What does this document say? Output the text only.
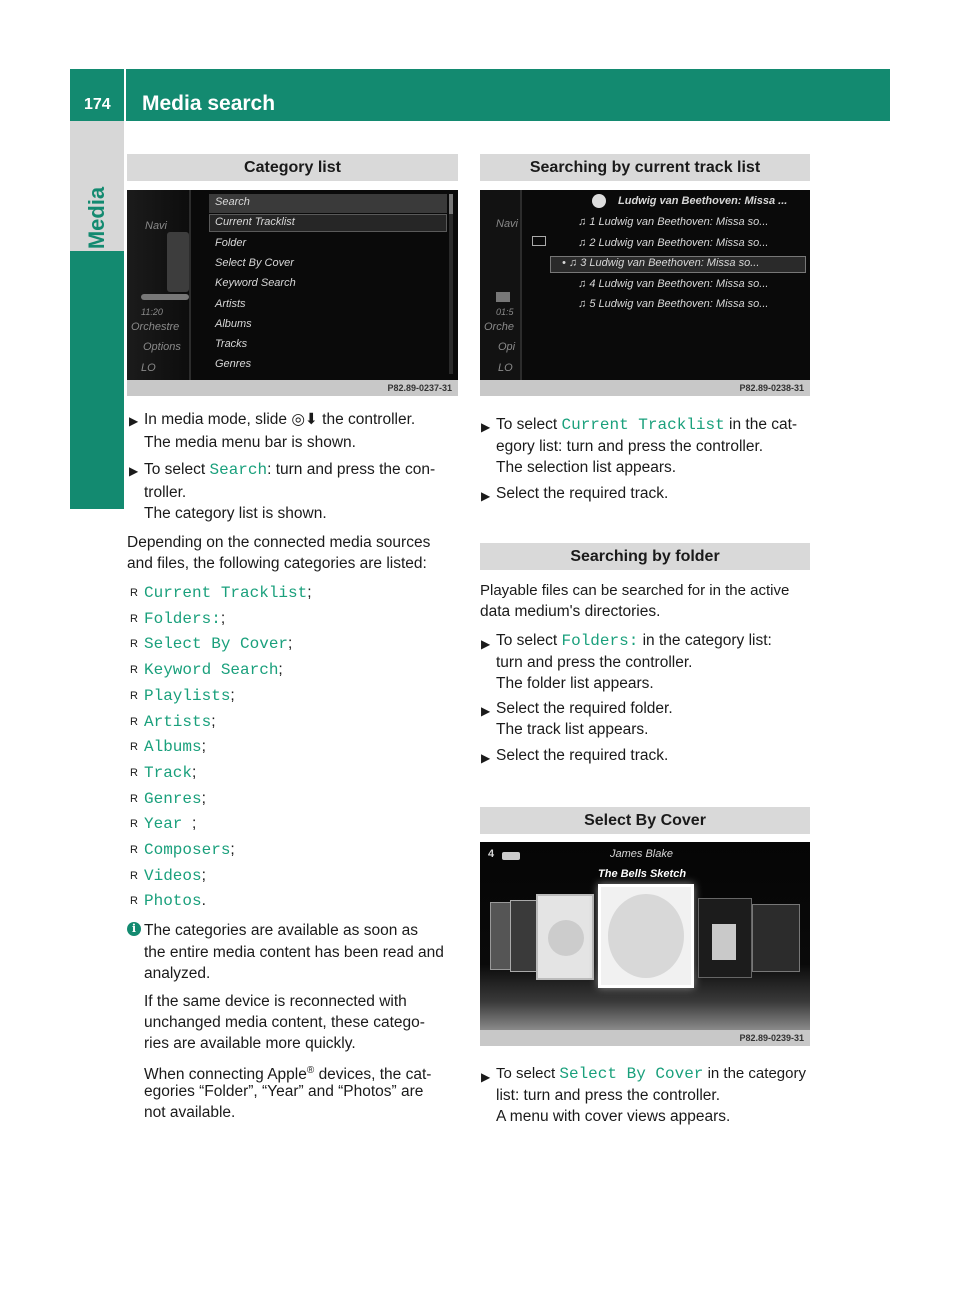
174 Media search
Media
Category list
Navi
11:20
Orchestre
Options
LO
Search
Current Tracklist
Folder
Select By Cover
Keyword Search
Artists
Albums
Tracks
Genres
P82.89-0237-31
▶ In media mode, slide ◎⬇ the controller.
The media menu bar is shown.
▶ To select Search: turn and press the con-
troller.
The category list is shown.
Depending on the connected media sources
and files, the following categories are listed:
R Current Tracklist;
R Folders:;
R Select By Cover;
R Keyword Search;
R Playlists;
R Artists;
R Albums;
R Track;
R Genres;
R Year ;
R Composers;
R Videos;
R Photos.
i The categories are available as soon as
the entire media content has been read and
analyzed.
If the same device is reconnected with
unchanged media content, these catego-
ries are available more quickly.
When connecting Apple® devices, the cat-
egories “Folder”, “Year” and “Photos” are
not available.
Searching by current track list
Navi
01:5
Orche
Opi
LO
Ludwig van Beethoven: Missa ...
♫ 1 Ludwig van Beethoven: Missa so...
♫ 2 Ludwig van Beethoven: Missa so...
• ♫ 3 Ludwig van Beethoven: Missa so...
♫ 4 Ludwig van Beethoven: Missa so...
♫ 5 Ludwig van Beethoven: Missa so...
P82.89-0238-31
▶ To select Current Tracklist in the cat-
egory list: turn and press the controller.
The selection list appears.
▶ Select the required track.
Searching by folder
Playable files can be searched for in the active
data medium's directories.
▶ To select Folders: in the category list:
turn and press the controller.
The folder list appears.
▶ Select the required folder.
The track list appears.
▶ Select the required track.
Select By Cover
4	James Blake
The Bells Sketch
P82.89-0239-31
▶ To select Select By Cover in the category
list: turn and press the controller.
A menu with cover views appears.
